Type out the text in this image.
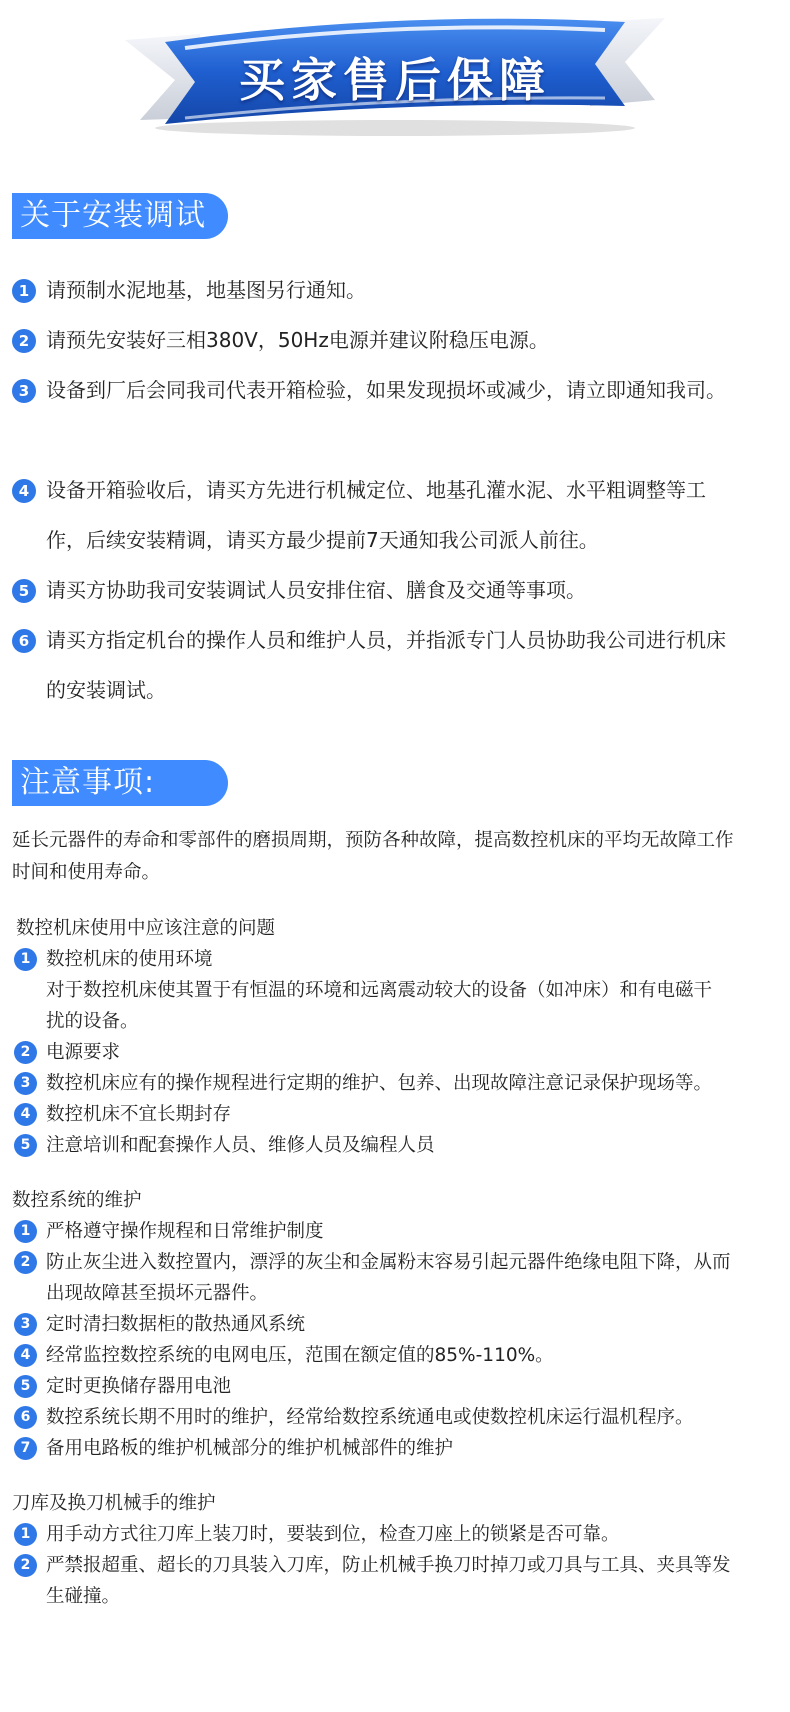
买家售后保障
关于安装调试
1 请预制水泥地基，地基图另行通知。
2 请预先安装好三相380V，50Hz电源并建议附稳压电源。
3 设备到厂后会同我司代表开箱检验，如果发现损坏或减少，请立即通知我司。
4 设备开箱验收后，请买方先进行机械定位、地基孔灌水泥、水平粗调整等工作，后续安装精调，请买方最少提前7天通知我公司派人前往。
5 请买方协助我司安装调试人员安排住宿、膳食及交通等事项。
6 请买方指定机台的操作人员和维护人员，并指派专门人员协助我公司进行机床的安装调试。
注意事项:
延长元器件的寿命和零部件的磨损周期，预防各种故障，提高数控机床的平均无故障工作时间和使用寿命。
数控机床使用中应该注意的问题
1 数控机床的使用环境
对于数控机床使其置于有恒温的环境和远离震动较大的设备（如冲床）和有电磁干扰的设备。
2 电源要求
3 数控机床应有的操作规程进行定期的维护、包养、出现故障注意记录保护现场等。
4 数控机床不宜长期封存
5 注意培训和配套操作人员、维修人员及编程人员
数控系统的维护
1 严格遵守操作规程和日常维护制度
2 防止灰尘进入数控置内，漂浮的灰尘和金属粉末容易引起元器件绝缘电阻下降，从而出现故障甚至损坏元器件。
3 定时清扫数据柜的散热通风系统
4 经常监控数控系统的电网电压，范围在额定值的85%-110%。
5 定时更换储存器用电池
6 数控系统长期不用时的维护，经常给数控系统通电或使数控机床运行温机程序。
7 备用电路板的维护机械部分的维护机械部件的维护
刀库及换刀机械手的维护
1 用手动方式往刀库上装刀时，要装到位，检查刀座上的锁紧是否可靠。
2 严禁报超重、超长的刀具装入刀库，防止机械手换刀时掉刀或刀具与工具、夹具等发生碰撞。
